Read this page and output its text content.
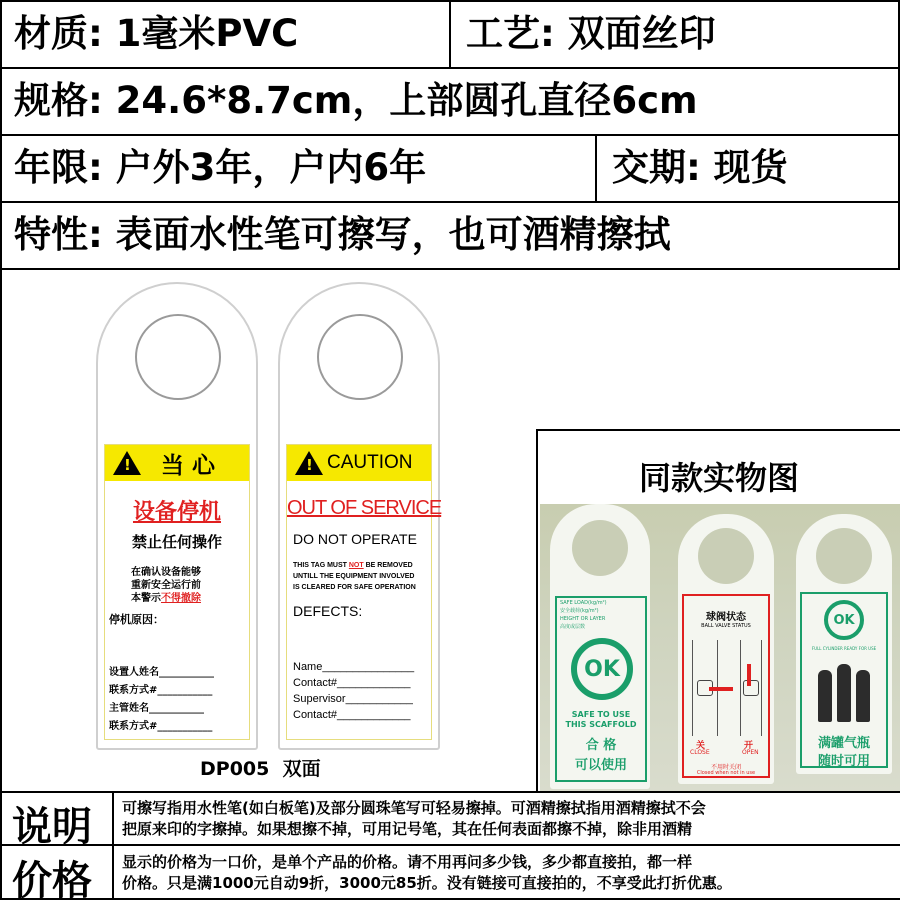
材质: 1毫米PVC	工艺: 双面丝印
规格: 24.6*8.7cm，上部圆孔直径6cm
年限: 户外3年，户内6年	交期: 现货
特性: 表面水性笔可擦写，也可酒精擦拭
!
当 心
设备停机
禁止任何操作
在确认设备能够
重新安全运行前
本警示不得撤除
停机原因：
设置人姓名___________
联系方式#___________
主管姓名___________
联系方式#___________
!
CAUTION
OUT OF SERVICE
DO NOT OPERATE
THIS TAG MUST NOT BE REMOVED
UNTILL THE EQUIPMENT INVOLVED
IS CLEARED FOR SAFE OPERATION
DEFECTS:
Name_______________
Contact#____________
Supervisor___________
Contact#____________
DP005  双面
同款实物图
SAFE LOAD(kg/m²)
安全载荷(kg/m²)
HEIGHT OR LAYER
高度或层数
OK
SAFE TO USE
THIS SCAFFOLD
合 格
可以使用
球阀状态
BALL VALVE STATUS
关
CLOSE
开
OPEN
不用时关闭
Closed when not in use
OK
FULL CYLINDER READY FOR USE
满罐气瓶
随时可用
说明 可擦写指用水性笔(如白板笔)及部分圆珠笔写可轻易擦掉。可酒精擦拭指用酒精擦拭不会
把原来印的字擦掉。如果想擦不掉，可用记号笔，其在任何表面都擦不掉，除非用酒精
价格 显示的价格为一口价，是单个产品的价格。请不用再问多少钱，多少都直接拍，都一样
价格。只是满1000元自动9折，3000元85折。没有链接可直接拍的，不享受此打折优惠。
